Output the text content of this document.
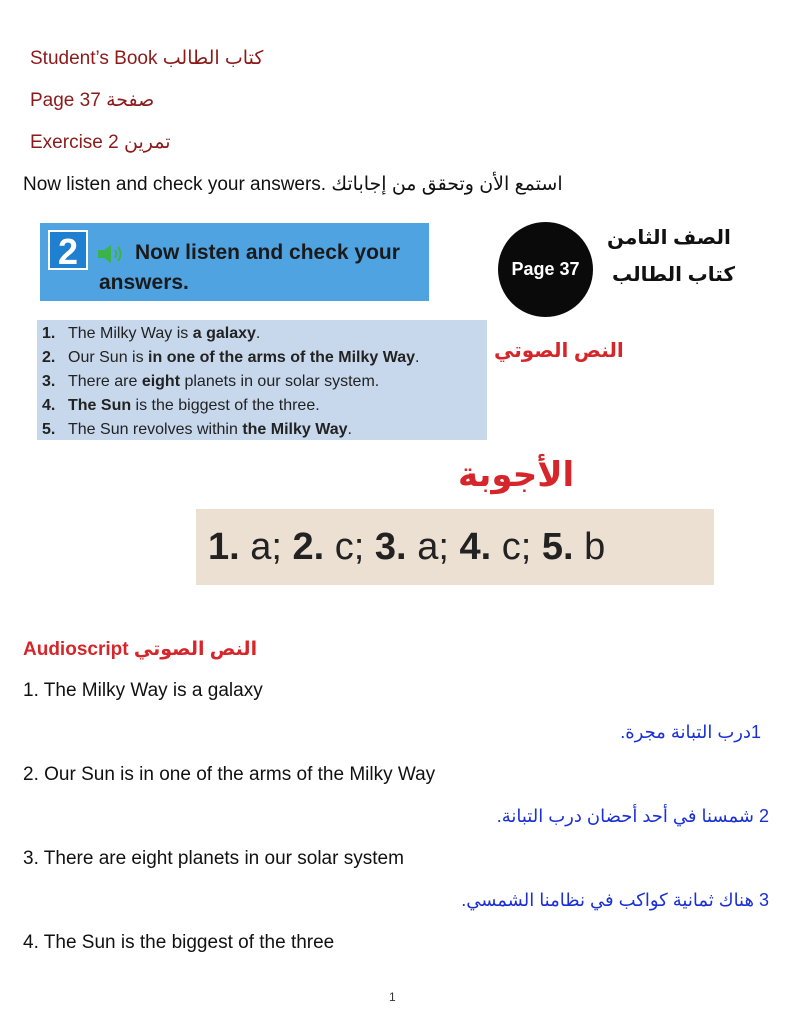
Student’s Book كتاب الطالب
Page 37 صفحة
Exercise 2 تمرين
Now listen and check your answers. استمع الأن وتحقق من إجاباتك
2	Now listen and check your
answers.
Page 37
الصف الثامن
كتاب الطالب
1. The Milky Way is a galaxy.
2. Our Sun is in one of the arms of the Milky Way.
3. There are eight planets in our solar system.
4. The Sun is the biggest of the three.
5. The Sun revolves within the Milky Way.
النص الصوتي
الأجوبة
1.
a ; 2.
c ; 3.
a ; 4.
c ; 5.
b
Audioscript النص الصوتي
1. The Milky Way is a galaxy
1درب التبانة مجرة.
2. Our Sun is in one of the arms of the Milky Way
2 شمسنا في أحد أحضان درب التبانة.
3. There are eight planets in our solar system
3 هناك ثمانية كواكب في نظامنا الشمسي.
4. The Sun is the biggest of the three
1
